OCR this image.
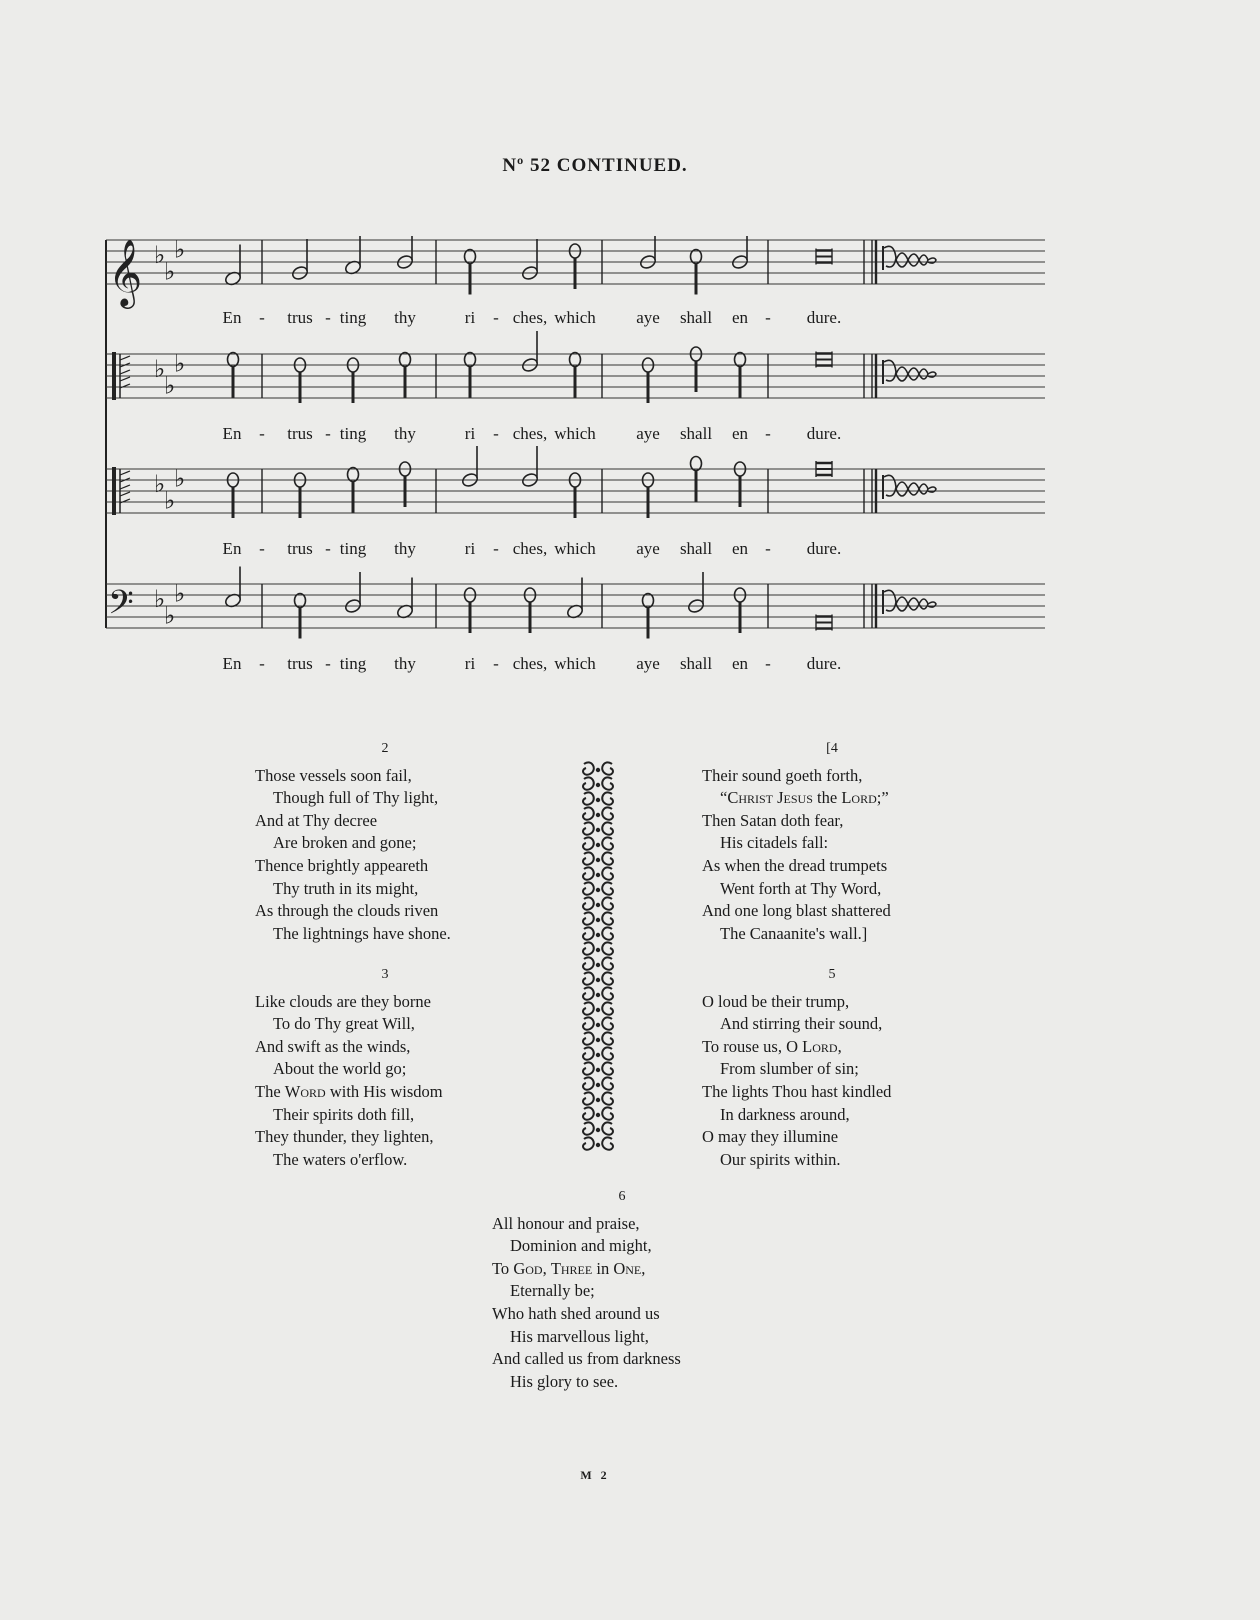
Nº 52 CONTINUED.
𝄞 ♭
♭
♭
♭
♭
♭
♭
♭
♭
𝄢 ♭
♭
♭
En - trus - ting thy	ri - ches, which aye shall en - dure.
En - trus - ting thy	ri - ches, which aye shall en - dure.
En - trus - ting thy	ri - ches, which aye shall en - dure.
En - trus - ting thy	ri - ches, which aye shall en - dure.
2
Those vessels soon fail,
Though full of Thy light,
And at Thy decree
Are broken and gone;
Thence brightly appeareth
Thy truth in its might,
As through the clouds riven
The lightnings have shone.
3
Like clouds are they borne
To do Thy great Will,
And swift as the winds,
About the world go;
The Word with His wisdom
Their spirits doth fill,
They thunder, they lighten,
The waters o'erflow.
[4
Their sound goeth forth,
“Christ Jesus the Lord;”
Then Satan doth fear,
His citadels fall:
As when the dread trumpets
Went forth at Thy Word,
And one long blast shattered
The Canaanite's wall.]
5
O loud be their trump,
And stirring their sound,
To rouse us, O Lord,
From slumber of sin;
The lights Thou hast kindled
In darkness around,
O may they illumine
Our spirits within.
6
All honour and praise,
Dominion and might,
To God, Three in One,
Eternally be;
Who hath shed around us
His marvellous light,
And called us from darkness
His glory to see.
M 2
